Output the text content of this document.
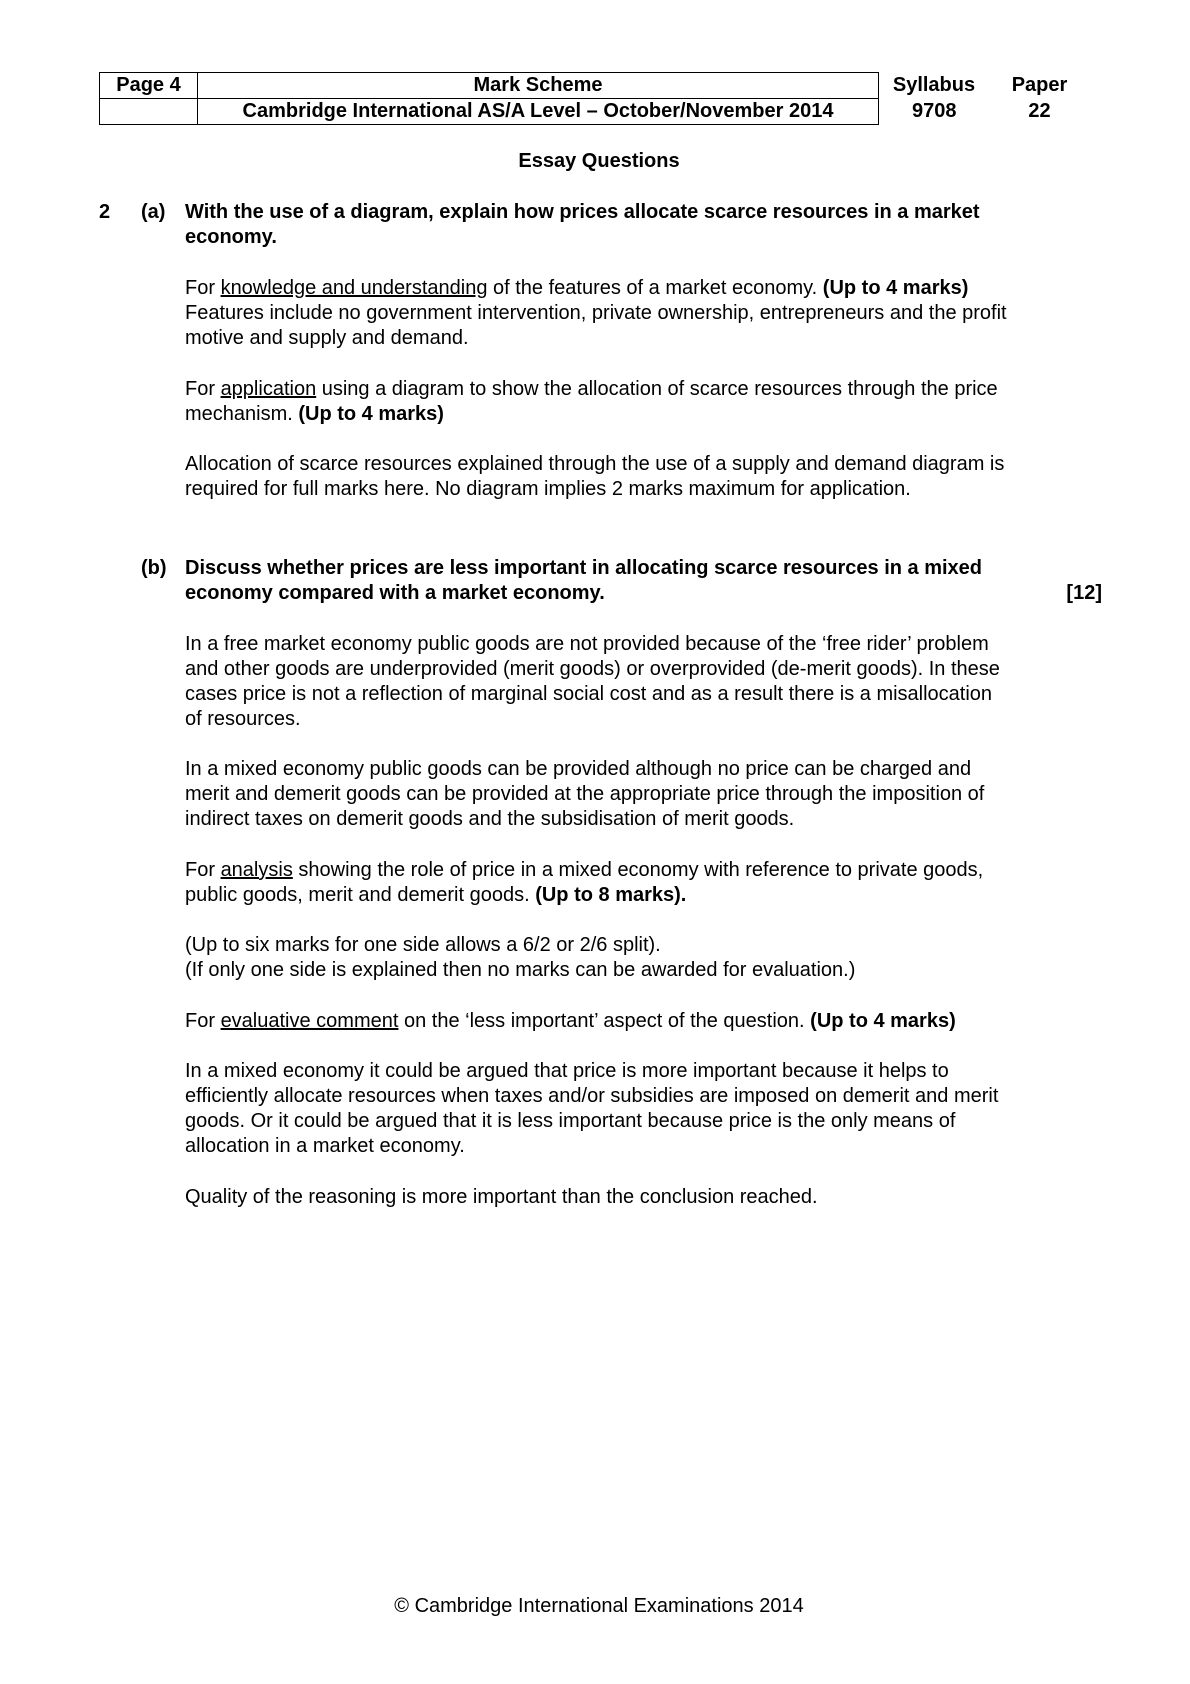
Page 4	Mark Scheme	Syllabus	Paper
	Cambridge International AS/A Level – October/November 2014	9708	22
Essay Questions
2 (a) With the use of a diagram, explain how prices allocate scarce resources in a market
economy.
For knowledge and understanding of the features of a market economy. (Up to 4 marks)
Features include no government intervention, private ownership, entrepreneurs and the profit
motive and supply and demand.
For application using a diagram to show the allocation of scarce resources through the price
mechanism. (Up to 4 marks)
Allocation of scarce resources explained through the use of a supply and demand diagram is
required for full marks here. No diagram implies 2 marks maximum for application.
(b) Discuss whether prices are less important in allocating scarce resources in a mixed
economy compared with a market economy.	[12]
In a free market economy public goods are not provided because of the ‘free rider’ problem
and other goods are underprovided (merit goods) or overprovided (de-merit goods). In these
cases price is not a reflection of marginal social cost and as a result there is a misallocation
of resources.
In a mixed economy public goods can be provided although no price can be charged and
merit and demerit goods can be provided at the appropriate price through the imposition of
indirect taxes on demerit goods and the subsidisation of merit goods.
For analysis showing the role of price in a mixed economy with reference to private goods,
public goods, merit and demerit goods. (Up to 8 marks).
(Up to six marks for one side allows a 6/2 or 2/6 split).
(If only one side is explained then no marks can be awarded for evaluation.)
For evaluative comment on the ‘less important’ aspect of the question. (Up to 4 marks)
In a mixed economy it could be argued that price is more important because it helps to
efficiently allocate resources when taxes and/or subsidies are imposed on demerit and merit
goods. Or it could be argued that it is less important because price is the only means of
allocation in a market economy.
Quality of the reasoning is more important than the conclusion reached.
© Cambridge International Examinations 2014
